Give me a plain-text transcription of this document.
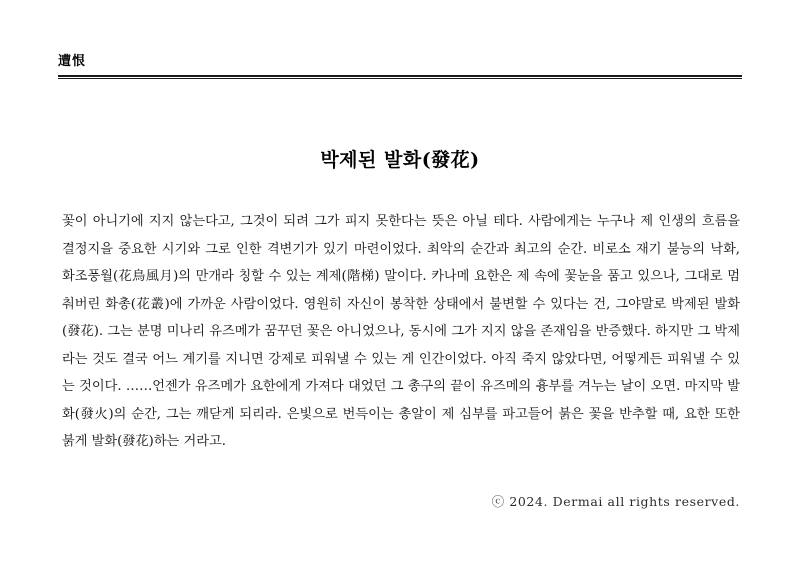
遭恨
박제된 발화(發花)
꽃이 아니기에 지지 않는다고, 그것이 되려 그가 피지 못한다는 뜻은 아닐 테다. 사람에게는 누구나 제 인생의 흐름을 결정지을 중요한 시기와 그로 인한 격변기가 있기 마련이었다. 최악의 순간과 최고의 순간. 비로소 재기 불능의 낙화, 화조풍월(花鳥風月)의 만개라 칭할 수 있는 계제(階梯) 말이다. 카나메 요한은 제 속에 꽃눈을 품고 있으나, 그대로 멈춰버린 화총(花叢)에 가까운 사람이었다. 영원히 자신이 봉착한 상태에서 불변할 수 있다는 건, 그야말로 박제된 발화(發花). 그는 분명 미나리 유즈메가 꿈꾸던 꽃은 아니었으나, 동시에 그가 지지 않을 존재임을 반증했다. 하지만 그 박제라는 것도 결국 어느 계기를 지니면 강제로 피워낼 수 있는 게 인간이었다. 아직 죽지 않았다면, 어떻게든 피워낼 수 있는 것이다. ……언젠가 유즈메가 요한에게 가져다 대었던 그 총구의 끝이 유즈메의 흉부를 겨누는 날이 오면. 마지막 발화(發火)의 순간, 그는 깨닫게 되리라. 은빛으로 번득이는 총알이 제 심부를 파고들어 붉은 꽃을 반추할 때, 요한 또한 붉게 발화(發花)하는 거라고.
ⓒ 2024. Dermai all rights reserved.
